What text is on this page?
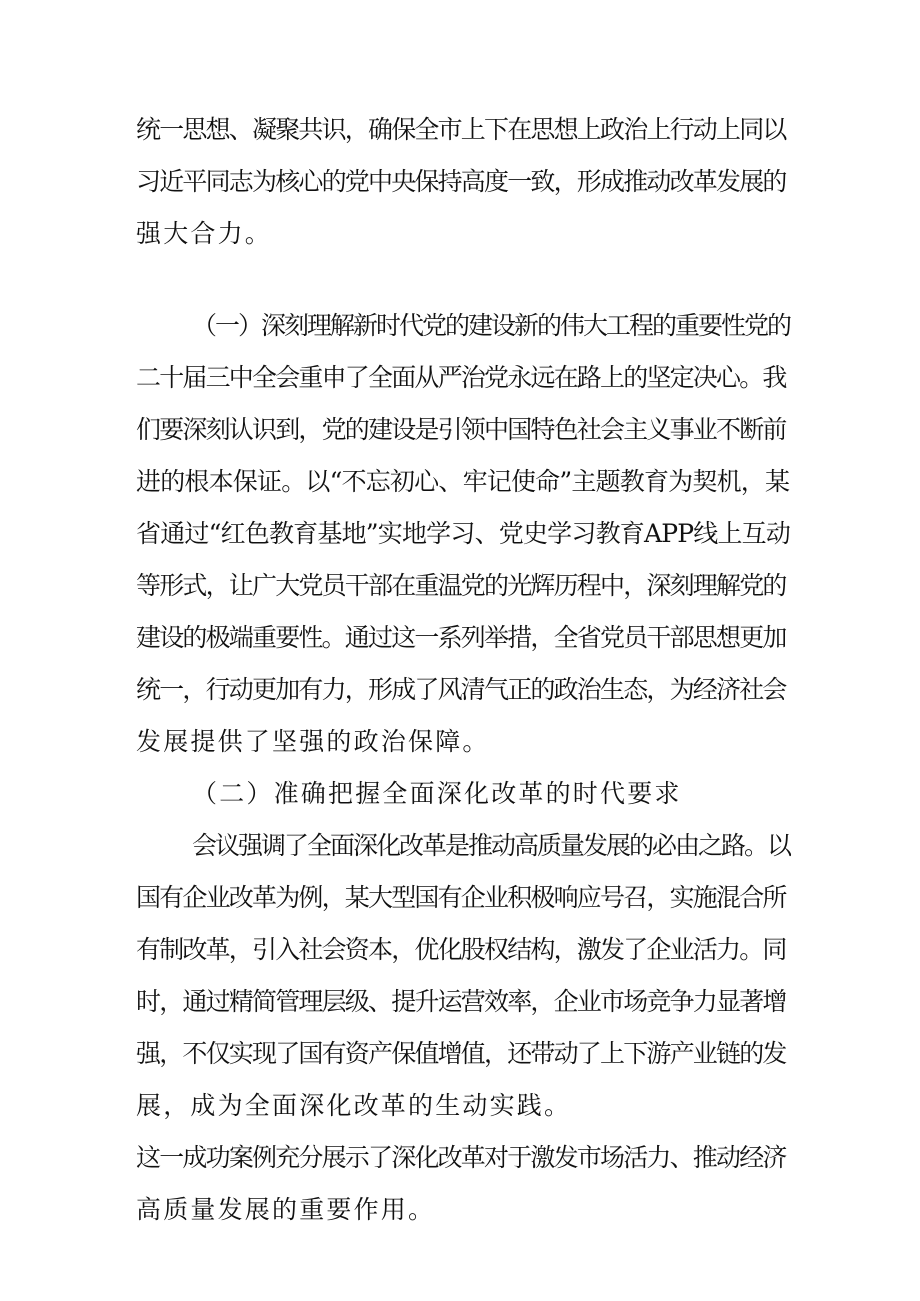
统一思想、凝聚共识，确保全市上下在思想上政治上行动上同以
习近平同志为核心的党中央保持高度一致，形成推动改革发展的
强大合力。
（一）深刻理解新时代党的建设新的伟大工程的重要性党的
二十届三中全会重申了全面从严治党永远在路上的坚定决心。我
们要深刻认识到，党的建设是引领中国特色社会主义事业不断前
进的根本保证。以“不忘初心、牢记使命”主题教育为契机，某
省通过“红色教育基地”实地学习、党史学习教育APP线上互动
等形式，让广大党员干部在重温党的光辉历程中，深刻理解党的
建设的极端重要性。通过这一系列举措，全省党员干部思想更加
统一，行动更加有力，形成了风清气正的政治生态，为经济社会
发展提供了坚强的政治保障。
（二）准确把握全面深化改革的时代要求
会议强调了全面深化改革是推动高质量发展的必由之路。以
国有企业改革为例，某大型国有企业积极响应号召，实施混合所
有制改革，引入社会资本，优化股权结构，激发了企业活力。同
时，通过精简管理层级、提升运营效率，企业市场竞争力显著增
强，不仅实现了国有资产保值增值，还带动了上下游产业链的发
展，成为全面深化改革的生动实践。
这一成功案例充分展示了深化改革对于激发市场活力、推动经济
高质量发展的重要作用。
